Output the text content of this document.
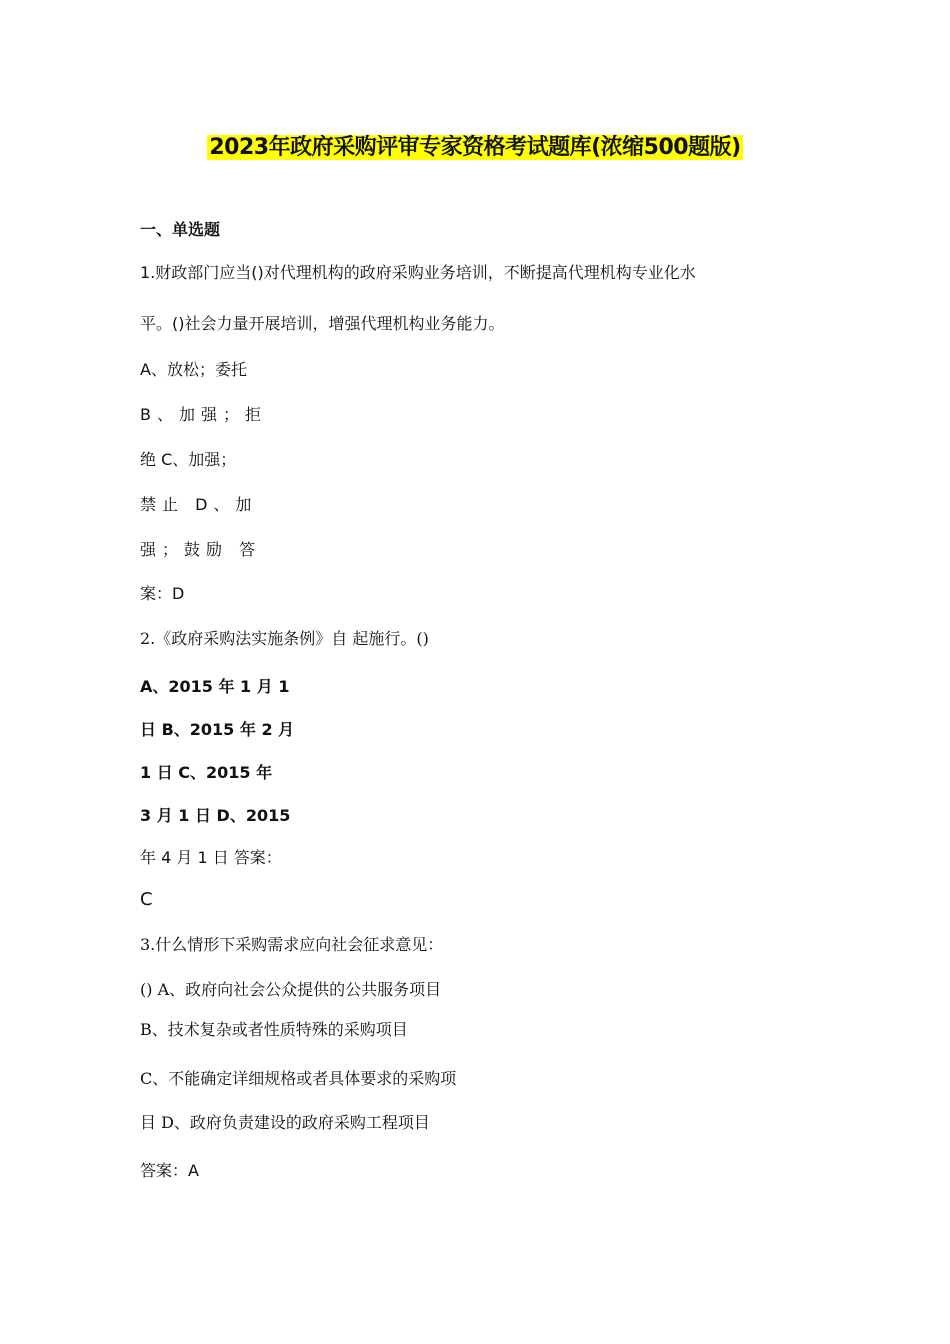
2023年政府采购评审专家资格考试题库(浓缩500题版)
一、单选题
1.财政部门应当()对代理机构的政府采购业务培训，不断提高代理机构专业化水
平。()社会力量开展培训，增强代理机构业务能力。
A、放松；委托
B、加强；拒
绝 C、加强；
禁止 D、加
强；鼓励 答
案：D
2.《政府采购法实施条例》自 起施行。()
A、2015 年 1 月 1
日 B、2015 年 2 月
1 日 C、2015 年
3 月 1 日 D、2015
年 4 月 1 日 答案：
C
3.什么情形下采购需求应向社会征求意见：
() A、政府向社会公众提供的公共服务项目
B、技术复杂或者性质特殊的采购项目
C、不能确定详细规格或者具体要求的采购项
目 D、政府负责建设的政府采购工程项目
答案：A
